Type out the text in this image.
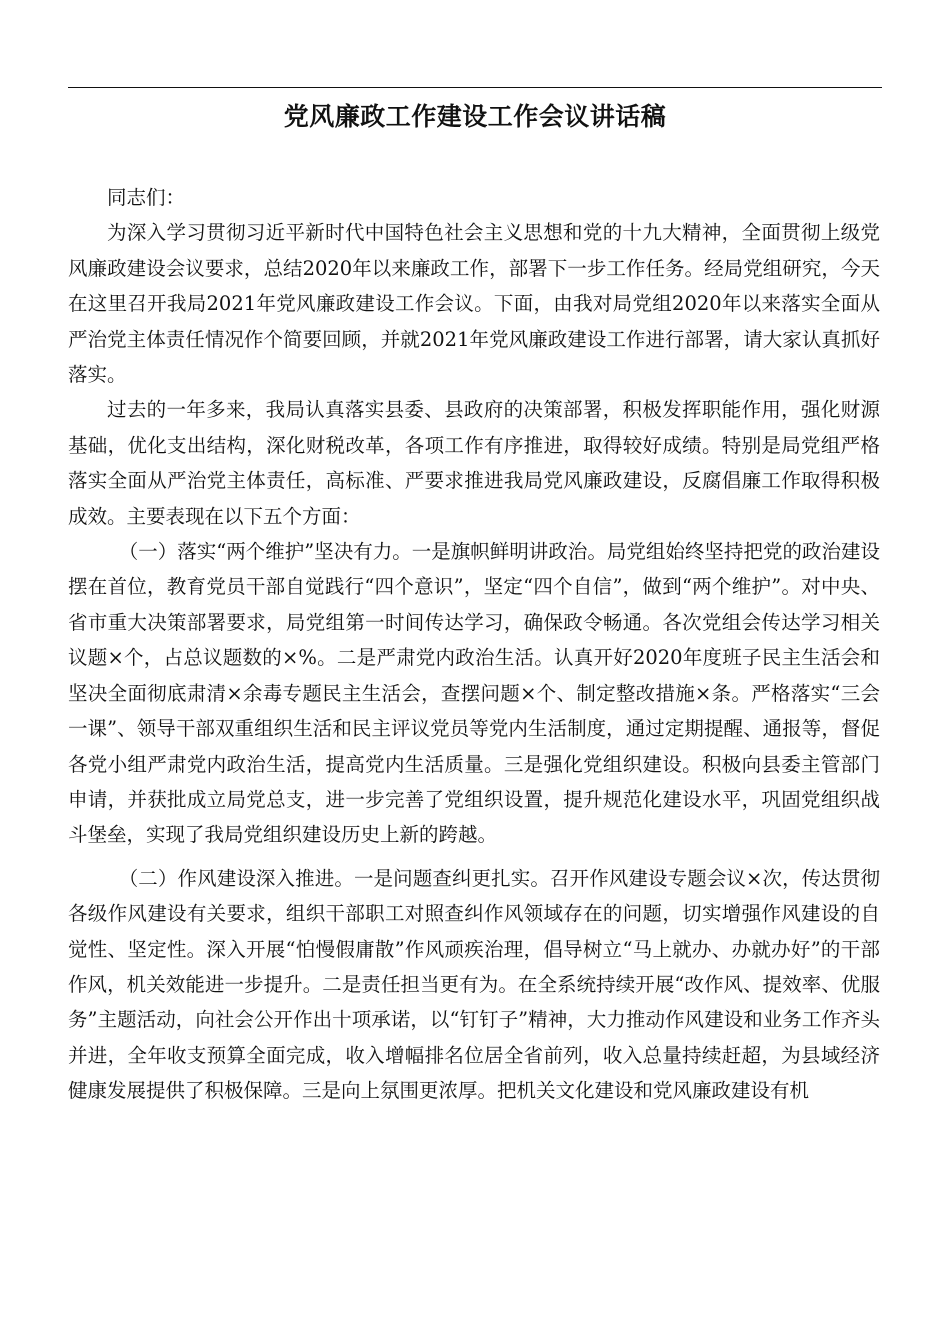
党风廉政工作建设工作会议讲话稿

同志们：

为深入学习贯彻习近平新时代中国特色社会主义思想和党的十九大精神，全面贯彻上级党风廉政建设会议要求，总结2020年以来廉政工作，部署下一步工作任务。经局党组研究，今天在这里召开我局2021年党风廉政建设工作会议。下面，由我对局党组2020年以来落实全面从严治党主体责任情况作个简要回顾，并就2021年党风廉政建设工作进行部署，请大家认真抓好落实。

过去的一年多来，我局认真落实县委、县政府的决策部署，积极发挥职能作用，强化财源基础，优化支出结构，深化财税改革，各项工作有序推进，取得较好成绩。特别是局党组严格落实全面从严治党主体责任，高标准、严要求推进我局党风廉政建设，反腐倡廉工作取得积极成效。主要表现在以下五个方面：

（一）落实“两个维护”坚决有力。一是旗帜鲜明讲政治。局党组始终坚持把党的政治建设摆在首位，教育党员干部自觉践行“四个意识”，坚定“四个自信”，做到“两个维护”。对中央、省市重大决策部署要求，局党组第一时间传达学习，确保政令畅通。各次党组会传达学习相关议题×个，占总议题数的×%。二是严肃党内政治生活。认真开好2020年度班子民主生活会和坚决全面彻底肃清×余毒专题民主生活会，查摆问题×个、制定整改措施×条。严格落实“三会一课”、领导干部双重组织生活和民主评议党员等党内生活制度，通过定期提醒、通报等，督促各党小组严肃党内政治生活，提高党内生活质量。三是强化党组织建设。积极向县委主管部门申请，并获批成立局党总支，进一步完善了党组织设置，提升规范化建设水平，巩固党组织战斗堡垒，实现了我局党组织建设历史上新的跨越。

（二）作风建设深入推进。一是问题查纠更扎实。召开作风建设专题会议×次，传达贯彻各级作风建设有关要求，组织干部职工对照查纠作风领域存在的问题，切实增强作风建设的自觉性、坚定性。深入开展“怕慢假庸散”作风顽疾治理，倡导树立“马上就办、办就办好”的干部作风，机关效能进一步提升。二是责任担当更有为。在全系统持续开展“改作风、提效率、优服务”主题活动，向社会公开作出十项承诺，以“钉钉子”精神，大力推动作风建设和业务工作齐头并进，全年收支预算全面完成，收入增幅排名位居全省前列，收入总量持续赶超，为县域经济健康发展提供了积极保障。三是向上氛围更浓厚。把机关文化建设和党风廉政建设有机
